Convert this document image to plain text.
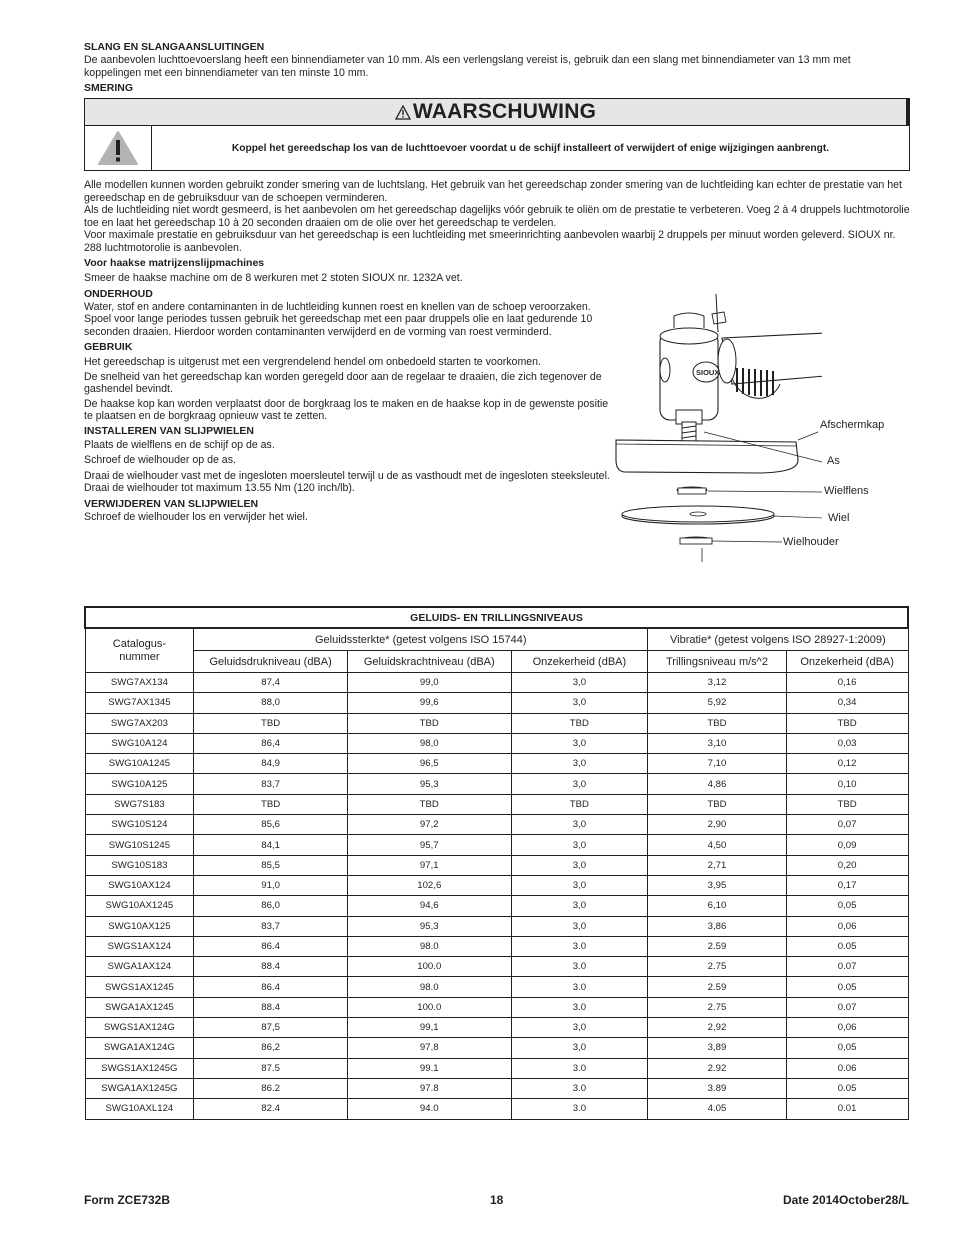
SLANG EN SLANGAANSLUITINGEN

De aanbevolen luchttoevoerslang heeft een binnendiameter van 10 mm. Als een verlengslang vereist is, gebruik dan een slang met binnendiameter van 13 mm met koppelingen met een binnendiameter van ten minste 10 mm.

SMERING

WAARSCHUWING
Koppel het gereedschap los van de luchttoevoer voordat u de schijf installeert of verwijdert of enige wijzigingen aanbrengt.

Alle modellen kunnen worden gebruikt zonder smering van de luchtslang. Het gebruik van het gereedschap zonder smering van de luchtleiding kan echter de prestatie van het gereedschap en de gebruiksduur van de schoepen verminderen.

Als de luchtleiding niet wordt gesmeerd, is het aanbevolen om het gereedschap dagelijks vóór gebruik te oliën om de prestatie te verbeteren. Voeg 2 à 4 druppels luchtmotorolie toe en laat het gereedschap 10 à 20 seconden draaien om de olie over het gereedschap te verdelen.

Voor maximale prestatie en gebruiksduur van het gereedschap is een luchtleiding met smeerinrichting aanbevolen waarbij 2 druppels per minuut worden geleverd. SIOUX nr. 288 luchtmotorolie is aanbevolen.

Voor haakse matrijzenslijpmachines

Smeer de haakse machine om de 8 werkuren met 2 stoten SIOUX nr. 1232A vet.

ONDERHOUD

Water, stof en andere contaminanten in de luchtleiding kunnen roest en knellen van de schoep veroorzaken. Spoel voor lange periodes tussen gebruik het gereedschap met een paar druppels olie en laat gedurende 10 seconden draaien. Hierdoor worden contaminanten verwijderd en de vorming van roest verminderd.

GEBRUIK

Het gereedschap is uitgerust met een vergrendelend hendel om onbedoeld starten te voorkomen.

De snelheid van het gereedschap kan worden geregeld door aan de regelaar te draaien, die zich tegenover de gashendel bevindt.

De haakse kop kan worden verplaatst door de borgkraag los te maken en de haakse kop in de gewenste positie te plaatsen en de borgkraag opnieuw vast te zetten.

INSTALLEREN VAN SLIJPWIELEN

Plaats de wielflens en de schijf op de as.

Schroef de wielhouder op de as.

Draai de wielhouder vast met de ingesloten moersleutel terwijl u de as vasthoudt met de ingesloten steeksleutel. Draai de wielhouder tot maximum 13.55 Nm (120 inch/lb).

VERWIJDEREN VAN SLIJPWIELEN

Schroef de wielhouder los en verwijder het wiel.

SIOUX
Afschermkap
As
Wielflens
Wiel
Wielhouder
GELUIDS- EN TRILLINGSNIVEAUS					
Catalogus-
nummer	Geluidssterkte* (getest volgens ISO 15744)			Vibratie* (getest volgens ISO 28927-1:2009)	
	Geluidsdrukniveau (dBA)	Geluidskrachtniveau (dBA)	Onzekerheid (dBA)	Trillingsniveau m/s^2	Onzekerheid (dBA)
SWG7AX134	87,4	99,0	3,0	3,12	0,16
SWG7AX1345	88,0	99,6	3,0	5,92	0,34
SWG7AX203	TBD	TBD	TBD	TBD	TBD
SWG10A124	86,4	98,0	3,0	3,10	0,03
SWG10A1245	84,9	96,5	3,0	7,10	0,12
SWG10A125	83,7	95,3	3,0	4,86	0,10
SWG7S183	TBD	TBD	TBD	TBD	TBD
SWG10S124	85,6	97,2	3,0	2,90	0,07
SWG10S1245	84,1	95,7	3,0	4,50	0,09
SWG10S183	85,5	97,1	3,0	2,71	0,20
SWG10AX124	91,0	102,6	3,0	3,95	0,17
SWG10AX1245	86,0	94,6	3,0	6,10	0,05
SWG10AX125	83,7	95,3	3,0	3,86	0,06
SWGS1AX124	86.4	98.0	3.0	2.59	0.05
SWGA1AX124	88.4	100.0	3.0	2.75	0.07
SWGS1AX1245	86.4	98.0	3.0	2.59	0.05
SWGA1AX1245	88.4	100.0	3.0	2.75	0.07
SWGS1AX124G	87,5	99,1	3,0	2,92	0,06
SWGA1AX124G	86,2	97,8	3,0	3,89	0,05
SWGS1AX1245G	87.5	99.1	3.0	2.92	0.06
SWGA1AX1245G	86.2	97.8	3.0	3.89	0.05
SWG10AXL124	82.4	94.0	3.0	4.05	0.01
Form ZCE732B	18	Date 2014October28/L
